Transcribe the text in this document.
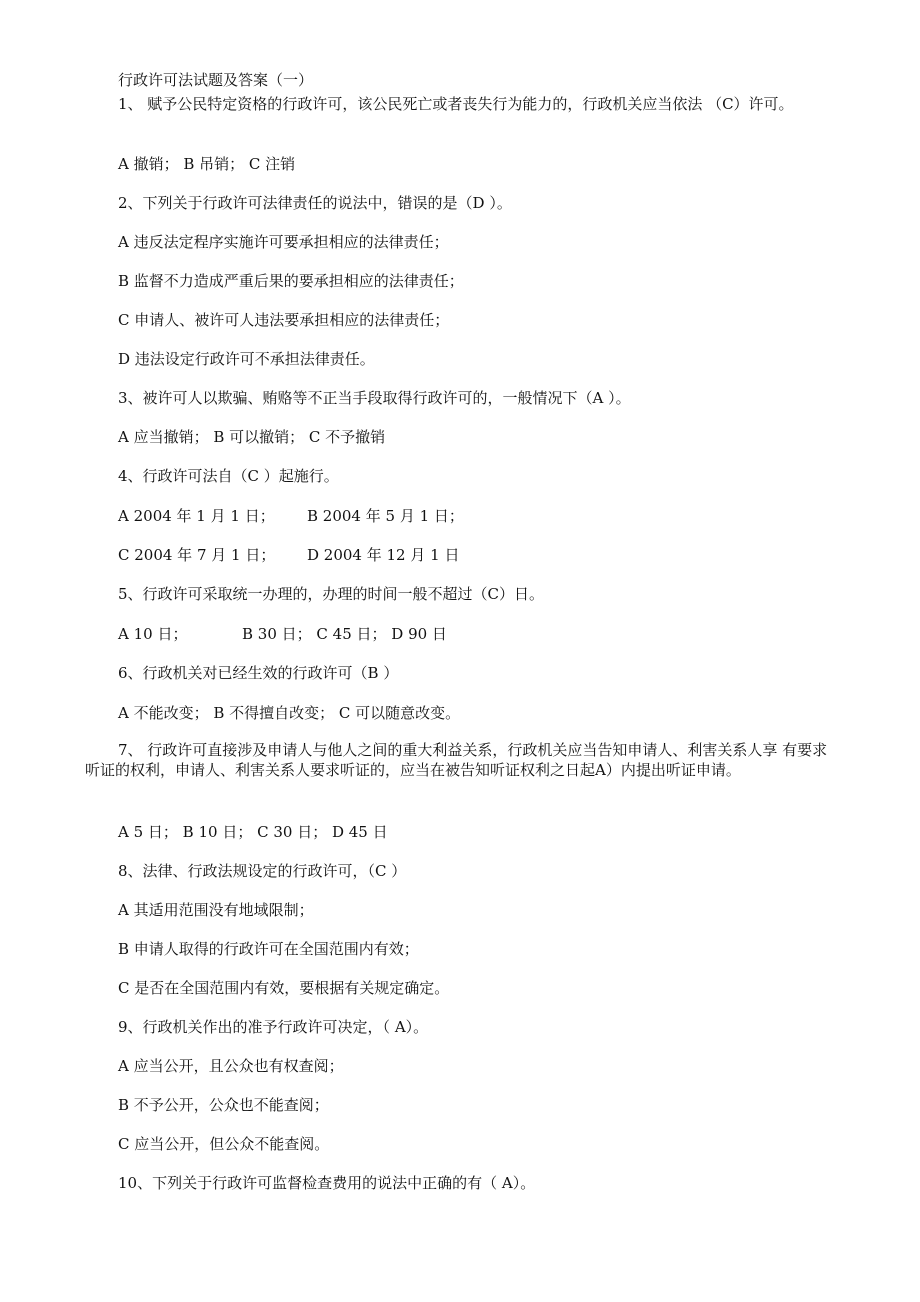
行政许可法试题及答案（一）
1、 赋予公民特定资格的行政许可，该公民死亡或者丧失行为能力的，行政机关应当依法 （C）许可。
A 撤销； B 吊销； C 注销
2、下列关于行政许可法律责任的说法中，错误的是（D ）。
A 违反法定程序实施许可要承担相应的法律责任；
B 监督不力造成严重后果的要承担相应的法律责任；
C 申请人、被许可人违法要承担相应的法律责任；
D 违法设定行政许可不承担法律责任。
3、被许可人以欺骗、贿赂等不正当手段取得行政许可的，一般情况下（A ）。
A 应当撤销； B 可以撤销； C 不予撤销
4、行政许可法自（C ）起施行。
A 2004 年 1 月 1 日； B 2004 年 5 月 1 日；
C 2004 年 7 月 1 日； D 2004 年 12 月 1 日
5、行政许可采取统一办理的，办理的时间一般不超过（C）日。
A 10 日；	B 30 日； C 45 日； D 90 日
6、行政机关对已经生效的行政许可（B ）
A 不能改变； B 不得擅自改变； C 可以随意改变。
7、 行政许可直接涉及申请人与他人之间的重大利益关系，行政机关应当告知申请人、利害关系人享 有要求听证的权利，申请人、利害关系人要求听证的，应当在被告知听证权利之日起A）内提出听证申请。
A 5 日； B 10 日； C 30 日； D 45 日
8、法律、行政法规设定的行政许可，（C ）
A 其适用范围没有地域限制；
B 申请人取得的行政许可在全国范围内有效；
C 是否在全国范围内有效，要根据有关规定确定。
9、行政机关作出的准予行政许可决定，（ A）。
A 应当公开，且公众也有权查阅；
B 不予公开，公众也不能查阅；
C 应当公开，但公众不能查阅。
10、下列关于行政许可监督检查费用的说法中正确的有（ A）。
